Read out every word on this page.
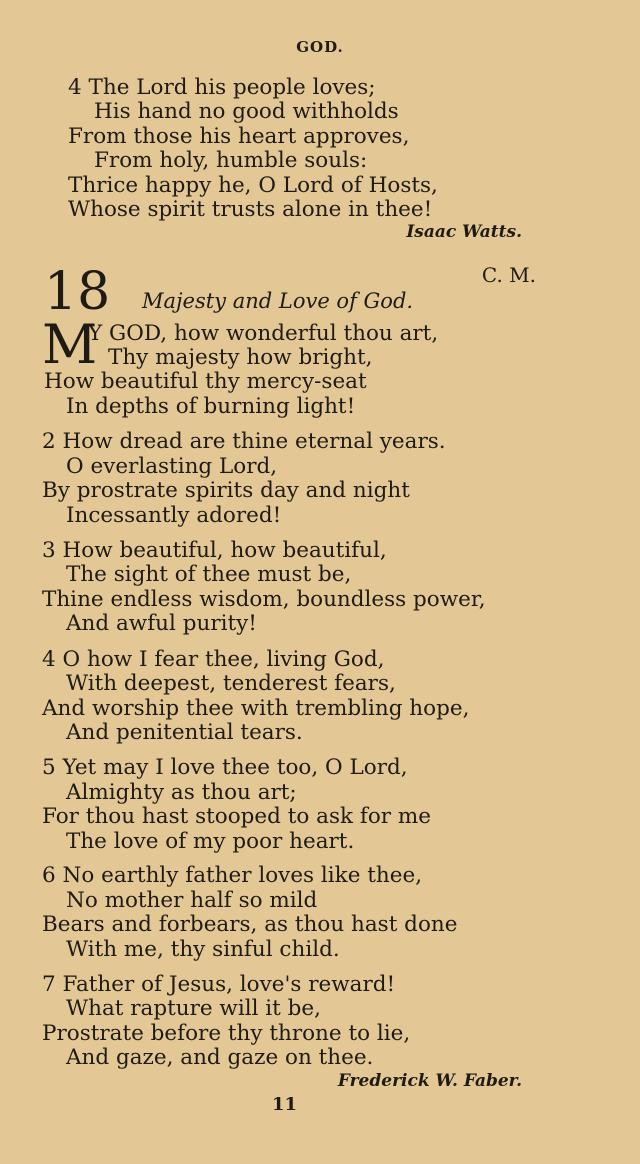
GOD.
4 The Lord his people loves;
His hand no good withholds
From those his heart approves,
From holy, humble souls:
Thrice happy he, O Lord of Hosts,
Whose spirit trusts alone in thee!
Isaac Watts.
18	C. M.
Majesty and Love of God.
M
Y GOD, how wonderful thou art,
Thy majesty how bright,
How beautiful thy mercy-seat
In depths of burning light!
2 How dread are thine eternal years.
O everlasting Lord,
By prostrate spirits day and night
Incessantly adored!
3 How beautiful, how beautiful,
The sight of thee must be,
Thine endless wisdom, boundless power,
And awful purity!
4 O how I fear thee, living God,
With deepest, tenderest fears,
And worship thee with trembling hope,
And penitential tears.
5 Yet may I love thee too, O Lord,
Almighty as thou art;
For thou hast stooped to ask for me
The love of my poor heart.
6 No earthly father loves like thee,
No mother half so mild
Bears and forbears, as thou hast done
With me, thy sinful child.
7 Father of Jesus, love's reward!
What rapture will it be,
Prostrate before thy throne to lie,
And gaze, and gaze on thee.
Frederick W. Faber.
11
